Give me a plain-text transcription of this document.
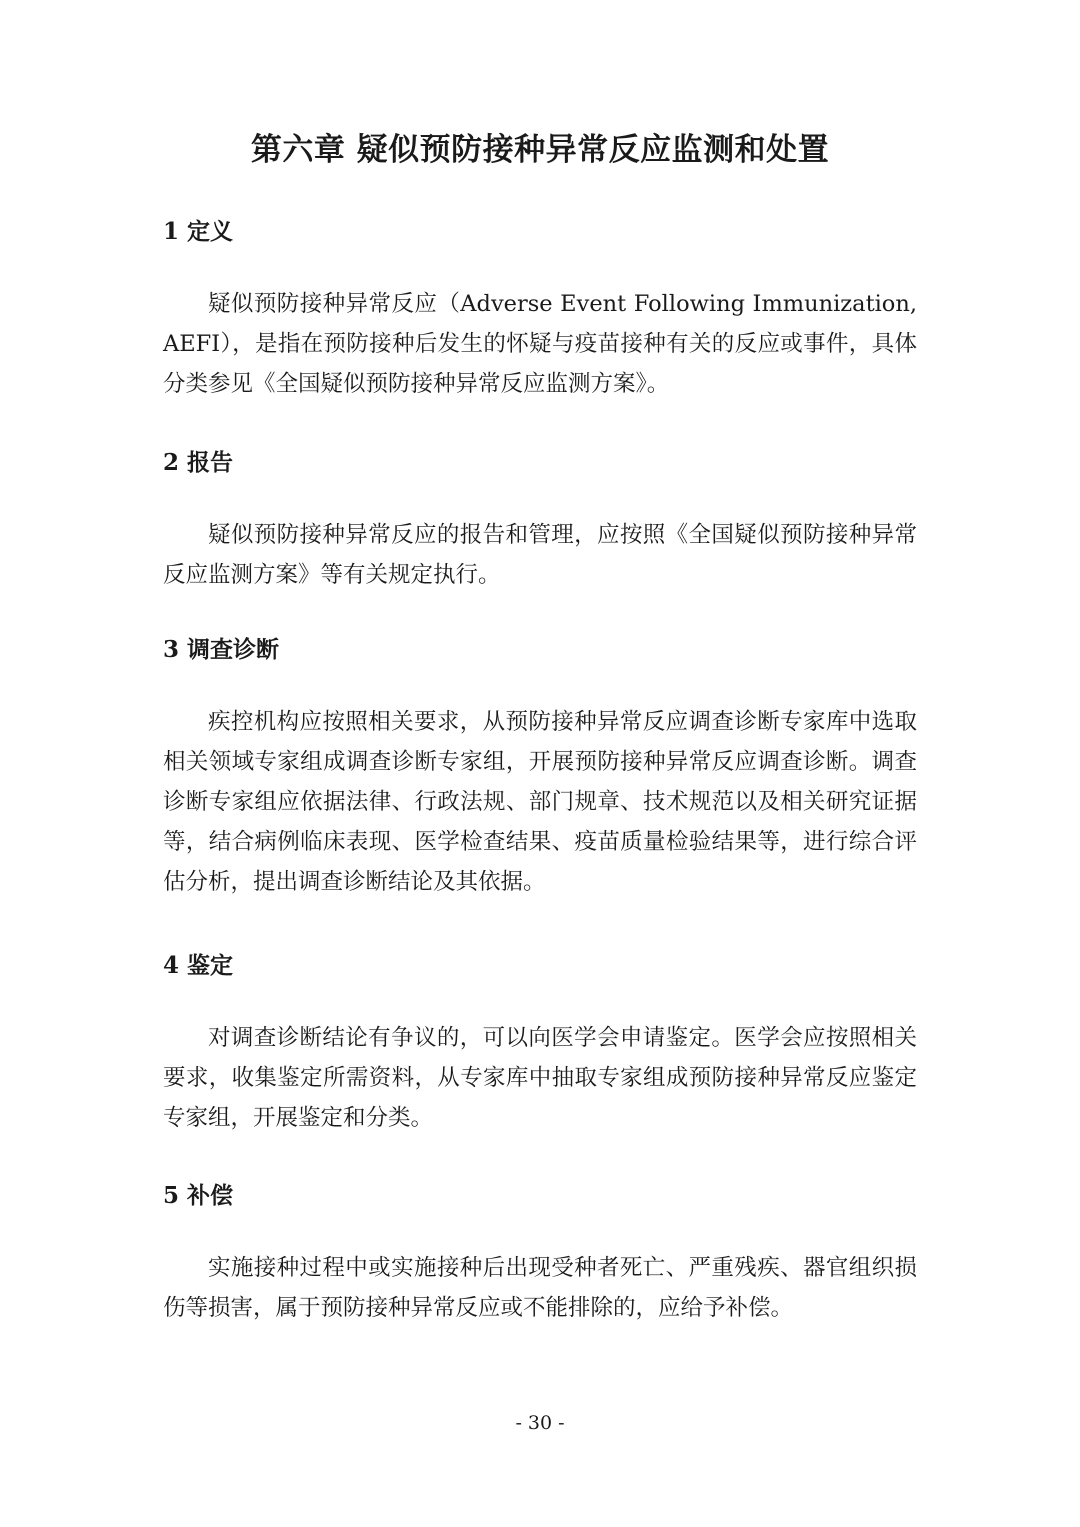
第六章 疑似预防接种异常反应监测和处置
1 定义
疑似预防接种异常反应（Adverse Event Following Immunization, AEFI），是指在预防接种后发生的怀疑与疫苗接种有关的反应或事件，具体分类参见《全国疑似预防接种异常反应监测方案》。
2 报告
疑似预防接种异常反应的报告和管理，应按照《全国疑似预防接种异常反应监测方案》等有关规定执行。
3 调查诊断
疾控机构应按照相关要求，从预防接种异常反应调查诊断专家库中选取相关领域专家组成调查诊断专家组，开展预防接种异常反应调查诊断。调查诊断专家组应依据法律、行政法规、部门规章、技术规范以及相关研究证据等，结合病例临床表现、医学检查结果、疫苗质量检验结果等，进行综合评估分析，提出调查诊断结论及其依据。
4 鉴定
对调查诊断结论有争议的，可以向医学会申请鉴定。医学会应按照相关要求，收集鉴定所需资料，从专家库中抽取专家组成预防接种异常反应鉴定专家组，开展鉴定和分类。
5 补偿
实施接种过程中或实施接种后出现受种者死亡、严重残疾、器官组织损伤等损害，属于预防接种异常反应或不能排除的，应给予补偿。
- 30 -
